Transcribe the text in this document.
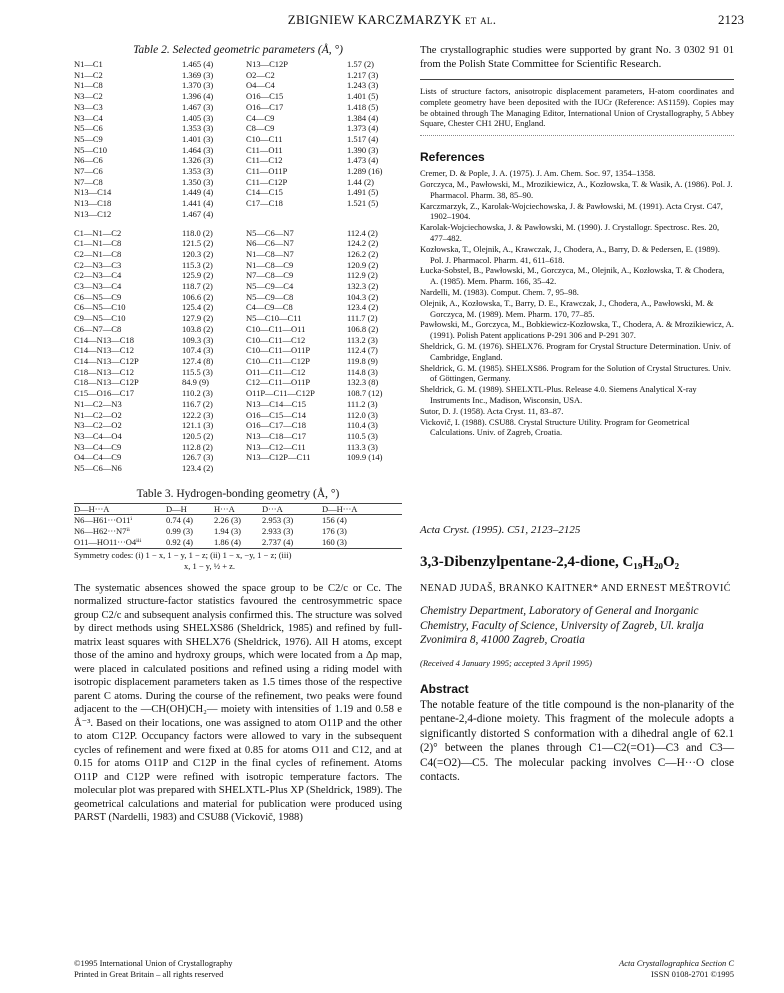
ZBIGNIEW KARCZMARZYK et al.	2123
Table 2. Selected geometric parameters (Å, °)
N1—C1	1.465 (4)	N13—C12P	1.57 (2)
N1—C2	1.369 (3)	O2—C2	1.217 (3)
N1—C8	1.370 (3)	O4—C4	1.243 (3)
N3—C2	1.396 (4)	O16—C15	1.401 (5)
N3—C3	1.467 (3)	O16—C17	1.418 (5)
N3—C4	1.405 (3)	C4—C9	1.384 (4)
N5—C6	1.353 (3)	C8—C9	1.373 (4)
N5—C9	1.401 (3)	C10—C11	1.517 (4)
N5—C10	1.464 (3)	C11—O11	1.390 (3)
N6—C6	1.326 (3)	C11—C12	1.473 (4)
N7—C6	1.353 (3)	C11—O11P	1.289 (16)
N7—C8	1.350 (3)	C11—C12P	1.44 (2)
N13—C14	1.449 (4)	C14—C15	1.491 (5)
N13—C18	1.441 (4)	C17—C18	1.521 (5)
N13—C12	1.467 (4)		

C1—N1—C2	118.0 (2)	N5—C6—N7	112.4 (2)
C1—N1—C8	121.5 (2)	N6—C6—N7	124.2 (2)
C2—N1—C8	120.3 (2)	N1—C8—N7	126.2 (2)
C2—N3—C3	115.3 (2)	N1—C8—C9	120.9 (2)
C2—N3—C4	125.9 (2)	N7—C8—C9	112.9 (2)
C3—N3—C4	118.7 (2)	N5—C9—C4	132.3 (2)
C6—N5—C9	106.6 (2)	N5—C9—C8	104.3 (2)
C6—N5—C10	125.4 (2)	C4—C9—C8	123.4 (2)
C9—N5—C10	127.9 (2)	N5—C10—C11	111.7 (2)
C6—N7—C8	103.8 (2)	C10—C11—O11	106.8 (2)
C14—N13—C18	109.3 (3)	C10—C11—C12	113.2 (3)
C14—N13—C12	107.4 (3)	C10—C11—O11P	112.4 (7)
C14—N13—C12P	127.4 (8)	C10—C11—C12P	119.8 (9)
C18—N13—C12	115.5 (3)	O11—C11—C12	114.8 (3)
C18—N13—C12P	84.9 (9)	C12—C11—O11P	132.3 (8)
C15—O16—C17	110.2 (3)	O11P—C11—C12P	108.7 (12)
N1—C2—N3	116.7 (2)	N13—C14—C15	111.2 (3)
N1—C2—O2	122.2 (3)	O16—C15—C14	112.0 (3)
N3—C2—O2	121.1 (3)	O16—C17—C18	110.4 (3)
N3—C4—O4	120.5 (2)	N13—C18—C17	110.5 (3)
N3—C4—C9	112.8 (2)	N13—C12—C11	113.3 (3)
O4—C4—C9	126.7 (3)	N13—C12P—C11	109.9 (14)
N5—C6—N6	123.4 (2)		
Table 3. Hydrogen-bonding geometry (Å, °)
D—H···A	D—H	H···A	D···A	D—H···A
N6—H61···O11ⁱ	0.74 (4)	2.26 (3)	2.953 (3)	156 (4)
N6—H62···N7ⁱⁱ	0.99 (3)	1.94 (3)	2.933 (3)	176 (3)
O11—HO11···O4ⁱⁱⁱ	0.92 (4)	1.86 (4)	2.737 (4)	160 (3)
Symmetry codes: (i) 1 − x, 1 − y, 1 − z; (ii) 1 − x, −y, 1 − z; (iii)
x, 1 − y, ½ + z.

The systematic absences showed the space group to be C2/c or Cc. The normalized structure-factor statistics favoured the centrosymmetric space group C2/c and subsequent analysis confirmed this. The structure was solved by direct methods using SHELXS86 (Sheldrick, 1985) and refined by full-matrix least squares with SHELX76 (Sheldrick, 1976). All H atoms, except those of the amino and hydroxy groups, which were located from a Δρ map, were placed in calculated positions and refined using a riding model with isotropic displacement parameters taken as 1.5 times those of the respective parent C atoms. During the course of the refinement, two peaks were found adjacent to the —CH(OH)CH₂— moiety with intensities of 1.19 and 0.58 e Å⁻³. Based on their locations, one was assigned to atom O11P and the other to atom C12P. Occupancy factors were allowed to vary in the subsequent cycles of refinement and were fixed at 0.85 for atoms O11 and C12, and at 0.15 for atoms O11P and C12P in the final cycles of refinement. Atoms O11P and C12P were refined with isotropic temperature factors. The molecular plot was prepared with SHELXTL-Plus XP (Sheldrick, 1989). The geometrical calculations and material for publication were produced using PARST (Nardelli, 1983) and CSU88 (Vickovič, 1988)

©1995 International Union of Crystallography
Printed in Great Britain – all rights reserved
Acta Crystallographica Section C
ISSN 0108-2701 ©1995

The crystallographic studies were supported by grant No. 3 0302 91 01 from the Polish State Committee for Scientific Research.

Lists of structure factors, anisotropic displacement parameters, H-atom coordinates and complete geometry have been deposited with the IUCr (Reference: AS1159). Copies may be obtained through The Managing Editor, International Union of Crystallography, 5 Abbey Square, Chester CH1 2HU, England.

References

Cremer, D. & Pople, J. A. (1975). J. Am. Chem. Soc. 97, 1354–1358.

Gorczyca, M., Pawłowski, M., Mrozikiewicz, A., Kozłowska, T. & Wasik, A. (1986). Pol. J. Pharmacol. Pharm. 38, 85–90.

Karczmarzyk, Z., Karolak-Wojciechowska, J. & Pawłowski, M. (1991). Acta Cryst. C47, 1902–1904.

Karolak-Wojciechowska, J. & Pawłowski, M. (1990). J. Crystallogr. Spectrosc. Res. 20, 477–482.

Kozłowska, T., Olejnik, A., Krawczak, J., Chodera, A., Barry, D. & Pedersen, E. (1989). Pol. J. Pharmacol. Pharm. 41, 611–618.

Łucka-Sobstel, B., Pawłowski, M., Gorczyca, M., Olejnik, A., Kozłowska, T. & Chodera, A. (1985). Mem. Pharm. 166, 35–42.

Nardelli, M. (1983). Comput. Chem. 7, 95–98.

Olejnik, A., Kozłowska, T., Barry, D. E., Krawczak, J., Chodera, A., Pawłowski, M. & Gorczyca, M. (1989). Mem. Pharm. 170, 77–85.

Pawłowski, M., Gorczyca, M., Bobkiewicz-Kozłowska, T., Chodera, A. & Mrozikiewicz, A. (1991). Polish Patent applications P-291 306 and P-291 307.

Sheldrick, G. M. (1976). SHELX76. Program for Crystal Structure Determination. Univ. of Cambridge, England.

Sheldrick, G. M. (1985). SHELXS86. Program for the Solution of Crystal Structures. Univ. of Göttingen, Germany.

Sheldrick, G. M. (1989). SHELXTL-Plus. Release 4.0. Siemens Analytical X-ray Instruments Inc., Madison, Wisconsin, USA.

Sutor, D. J. (1958). Acta Cryst. 11, 83–87.

Vickovič, I. (1988). CSU88. Crystal Structure Utility. Program for Geometrical Calculations. Univ. of Zagreb, Croatia.

Acta Cryst. (1995). C51, 2123–2125
3,3-Dibenzylpentane-2,4-dione, C₁₉H₂₀O₂
NENAD JUDAŠ, BRANKO KAITNER* AND ERNEST MEŠTROVIĆ
Chemistry Department, Laboratory of General and Inorganic Chemistry, Faculty of Science, University of Zagreb, Ul. kralja Zvonimira 8, 41000 Zagreb, Croatia
(Received 4 January 1995; accepted 3 April 1995)
Abstract

The notable feature of the title compound is the non-planarity of the pentane-2,4-dione moiety. This fragment of the molecule adopts a significantly distorted S conformation with a dihedral angle of 62.1 (2)° between the planes through C1—C2(=O1)—C3 and C3—C4(=O2)—C5. The molecular packing involves C—H···O close contacts.
